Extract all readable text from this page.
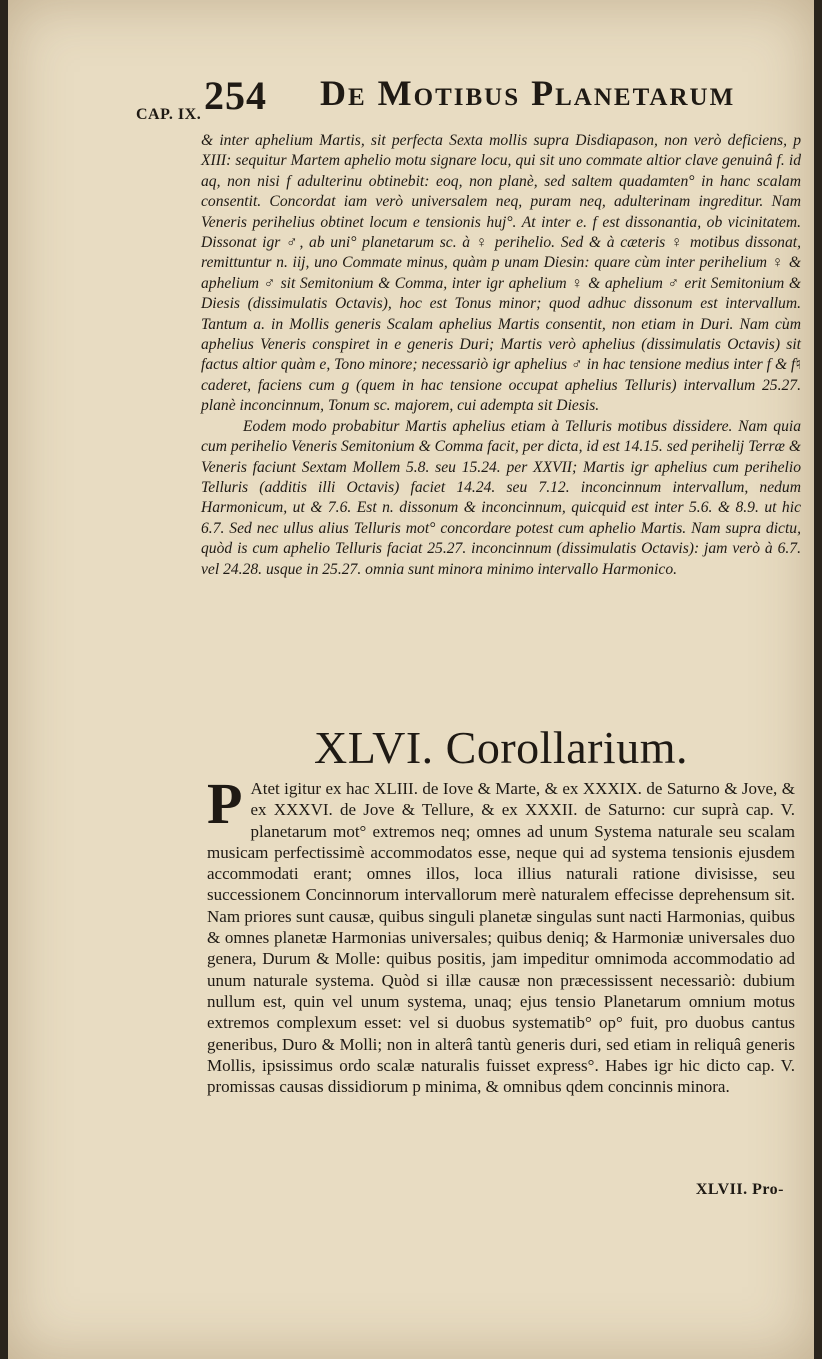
254 De Motibus Planetarum
CAP. IX.

& inter aphelium Martis, sit perfecta Sexta mollis supra Disdiapason, non verò deficiens, p XIII: sequitur Martem aphelio motu signare locu, qui sit uno commate altior clave genuinâ f. id aq, non nisi f adulterinu obtinebit: eoq, non planè, sed saltem quadamten° in hanc scalam consentit. Concordat iam verò universalem neq, puram neq, adulterinam ingreditur. Nam Veneris perihelius obtinet locum e tensionis huj°. At inter e. f est dissonantia, ob vicinitatem. Dissonat igr ♂, ab uni° planetarum sc. à ♀ perihelio. Sed & à cæteris ♀ motibus dissonat, remittuntur n. iij, uno Commate minus, quàm p unam Diesin: quare cùm inter perihelium ♀ & aphelium ♂ sit Semitonium & Comma, inter igr aphelium ♀ & aphelium ♂ erit Semitonium & Diesis (dissimulatis Octavis), hoc est Tonus minor; quod adhuc dissonum est intervallum. Tantum a. in Mollis generis Scalam aphelius Martis consentit, non etiam in Duri. Nam cùm aphelius Veneris conspiret in e generis Duri; Martis verò aphelius (dissimulatis Octavis) sit factus altior quàm e, Tono minore; necessariò igr aphelius ♂ in hac tensione medius inter f & f♮ caderet, faciens cum g (quem in hac tensione occupat aphelius Telluris) intervallum 25.27. planè inconcinnum, Tonum sc. majorem, cui adempta sit Diesis.

Eodem modo probabitur Martis aphelius etiam à Telluris motibus dissidere. Nam quia cum perihelio Veneris Semitonium & Comma facit, per dicta, id est 14.15. sed perihelij Terræ & Veneris faciunt Sextam Mollem 5.8. seu 15.24. per XXVII; Martis igr aphelius cum perihelio Telluris (additis illi Octavis) faciet 14.24. seu 7.12. inconcinnum intervallum, nedum Harmonicum, ut & 7.6. Est n. dissonum & inconcinnum, quicquid est inter 5.6. & 8.9. ut hic 6.7. Sed nec ullus alius Telluris mot° concordare potest cum aphelio Martis. Nam supra dictu, quòd is cum aphelio Telluris faciat 25.27. inconcinnum (dissimulatis Octavis): jam verò à 6.7. vel 24.28. usque in 25.27. omnia sunt minora minimo intervallo Harmonico.

XLVI. Corollarium.
P Atet igitur ex hac XLIII. de Iove & Marte, & ex XXXIX. de Saturno & Jove, & ex XXXVI. de Jove & Tellure, & ex XXXII. de Saturno: cur suprà cap. V. planetarum mot° extremos neq; omnes ad unum Systema naturale seu scalam musicam perfectissimè accommodatos esse, neque qui ad systema tensionis ejusdem accommodati erant; omnes illos, loca illius naturali ratione divisisse, seu successionem Concinnorum intervallorum merè naturalem effecisse deprehensum sit. Nam priores sunt causæ, quibus singuli planetæ singulas sunt nacti Harmonias, quibus & omnes planetæ Harmonias universales; quibus deniq; & Harmoniæ universales duo genera, Durum & Molle: quibus positis, jam impeditur omnimoda accommodatio ad unum naturale systema. Quòd si illæ causæ non præcessissent necessariò: dubium nullum est, quin vel unum systema, unaq; ejus tensio Planetarum omnium motus extremos complexum esset: vel si duobus systematib° op° fuit, pro duobus cantus generibus, Duro & Molli; non in alterâ tantù generis duri, sed etiam in reliquâ generis Mollis, ipsissimus ordo scalæ naturalis fuisset express°. Habes igr hic dicto cap. V. promissas causas dissidiorum p minima, & omnibus qdem concinnis minora.
XLVII. Pro-
